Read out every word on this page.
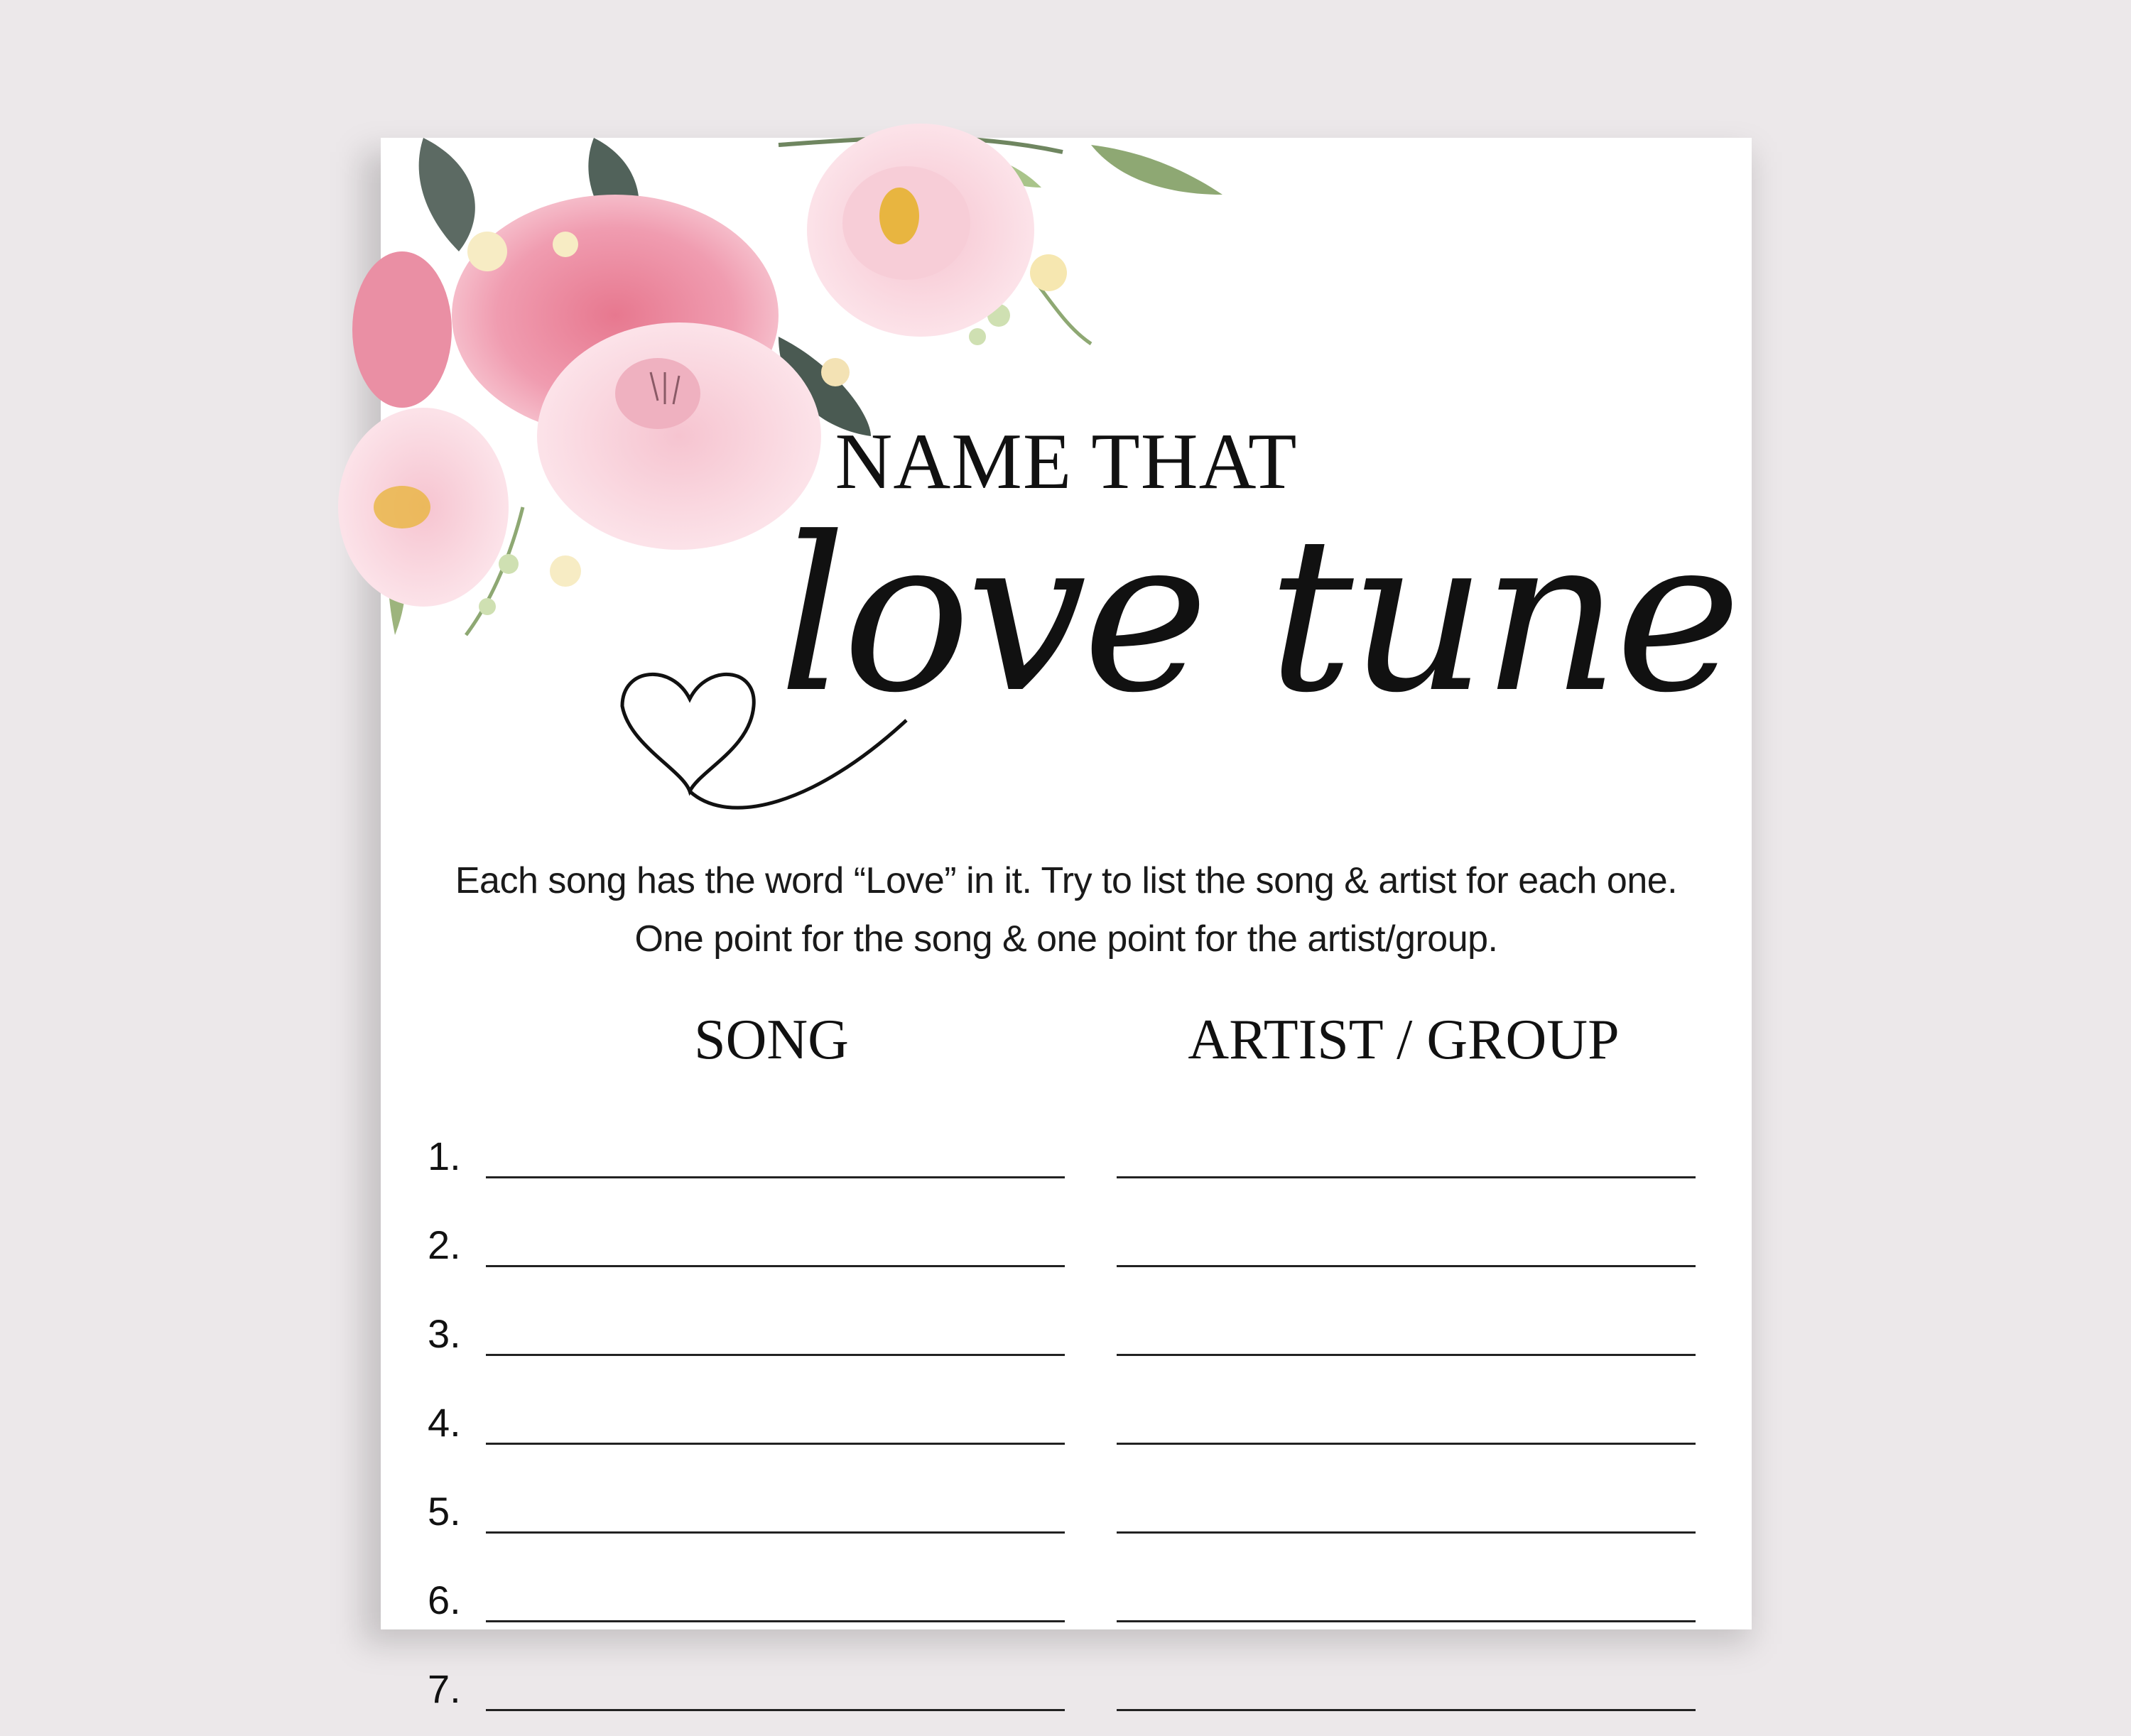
NAME THAT
love tune
Each song has the word “Love” in it. Try to list the song & artist for each one.
One point for the song & one point for the artist/group.
SONG	ARTIST / GROUP
1.
2.
3.
4.
5.
6.
7.
